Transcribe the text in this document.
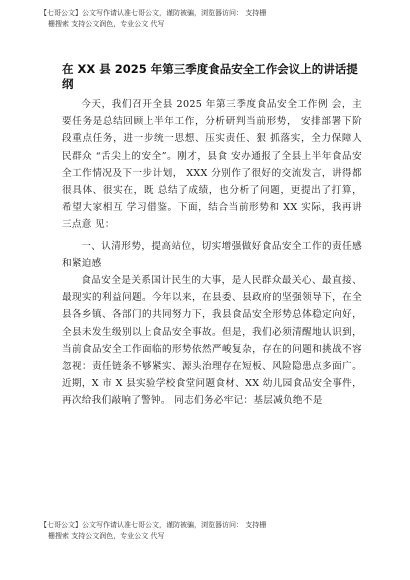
【七哥公文】公文写作请认准七哥公文，谨防被骗，浏览器访问： 支持栅
栅搜索 支持公文润色，专业公文 代写
在 XX 县 2025 年第三季度食品安全工作会议上的讲话提纲

今天，我们召开全县 2025 年第三季度食品安全工作例 会，主要任务是总结回顾上半年工作，分析研判当前形势， 安排部署下阶段重点任务，进一步统一思想、压实责任、狠 抓落实，全力保障人民群众 “舌尖上的安全”。刚才，县食 安办通报了全县上半年食品安全工作情况及下一步计划， XXX 分别作了很好的交流发言，讲得都很具体、很实在，既 总结了成绩，也分析了问题，更提出了打算，希望大家相互 学习借鉴。下面，结合当前形势和 XX 实际，我再讲三点意 见：

一、认清形势，提高站位，切实增强做好食品安全工作的责任感和紧迫感

食品安全是关系国计民生的大事，是人民群众最关心、最直接、最现实的利益问题。今年以来，在县委、县政府的坚强领导下，在全县各乡镇、各部门的共同努力下，我县食品安全形势总体稳定向好，全县未发生级别以上食品安全事故。但是，我们必须清醒地认识到，当前食品安全工作面临的形势依然严峻复杂，存在的问题和挑战不容忽视：责任链条不够紧实、源头治理存在短板、风险隐患点多面广。近期，X 市 X 县实验学校食堂问题食材、XX 幼儿园食品安全事件， 再次给我们敲响了警钟。 同志们务必牢记：基层减负绝不是

【七哥公文】公文写作请认准七哥公文，谨防被骗，浏览器访问： 支持栅
栅搜索 支持公文润色，专业公文 代写
